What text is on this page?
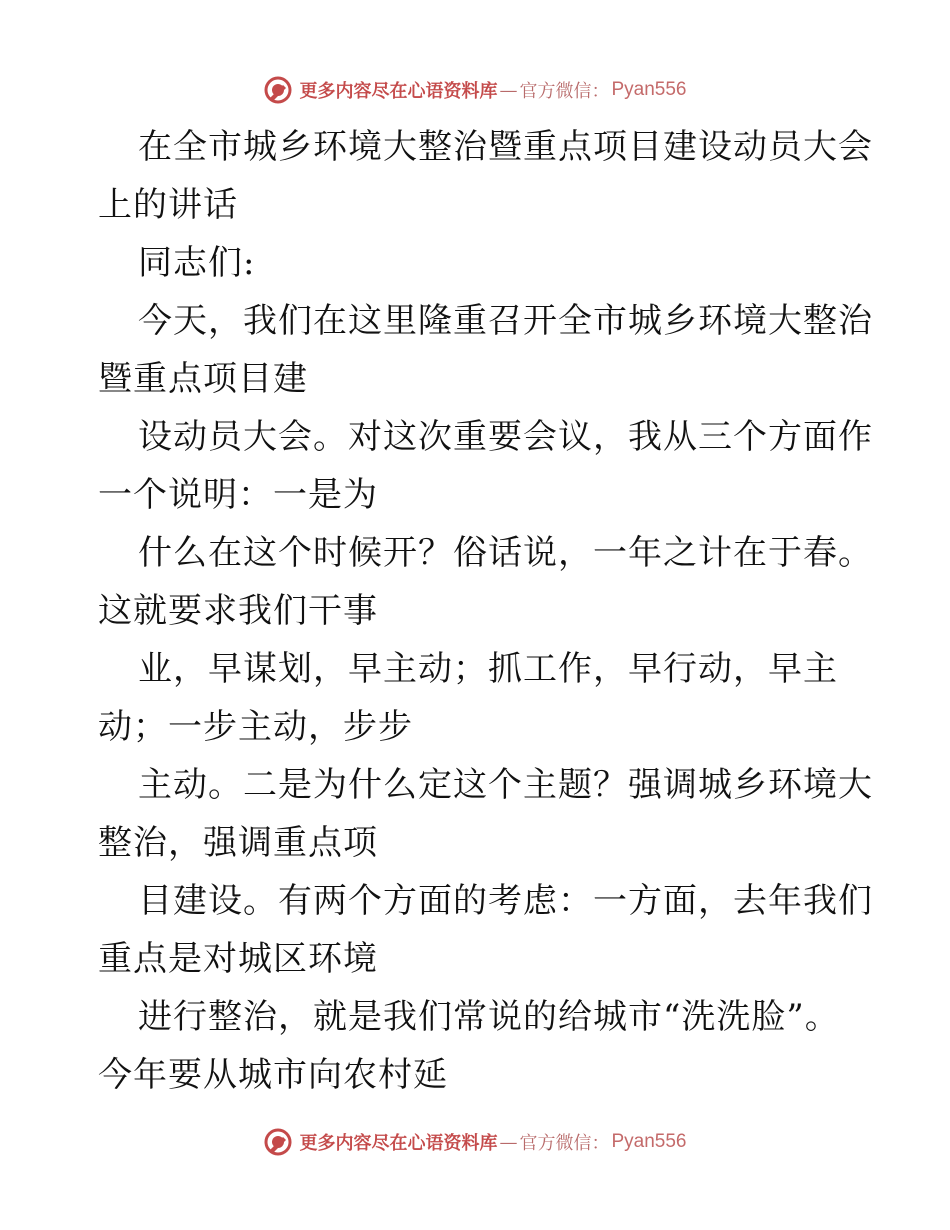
更多内容尽在心语资料库 — 官方微信： Pyan556
在全市城乡环境大整治暨重点项目建设动员大会
上的讲话
同志们:
今天，我们在这里隆重召开全市城乡环境大整治
暨重点项目建
设动员大会。对这次重要会议，我从三个方面作
一个说明：一是为
什么在这个时候开？俗话说，一年之计在于春。
这就要求我们干事
业，早谋划，早主动；抓工作，早行动，早主
动；一步主动，步步
主动。二是为什么定这个主题？强调城乡环境大
整治，强调重点项
目建设。有两个方面的考虑：一方面，去年我们
重点是对城区环境
进行整治，就是我们常说的给城市“洗洗脸”。
今年要从城市向农村延
更多内容尽在心语资料库 — 官方微信： Pyan556
